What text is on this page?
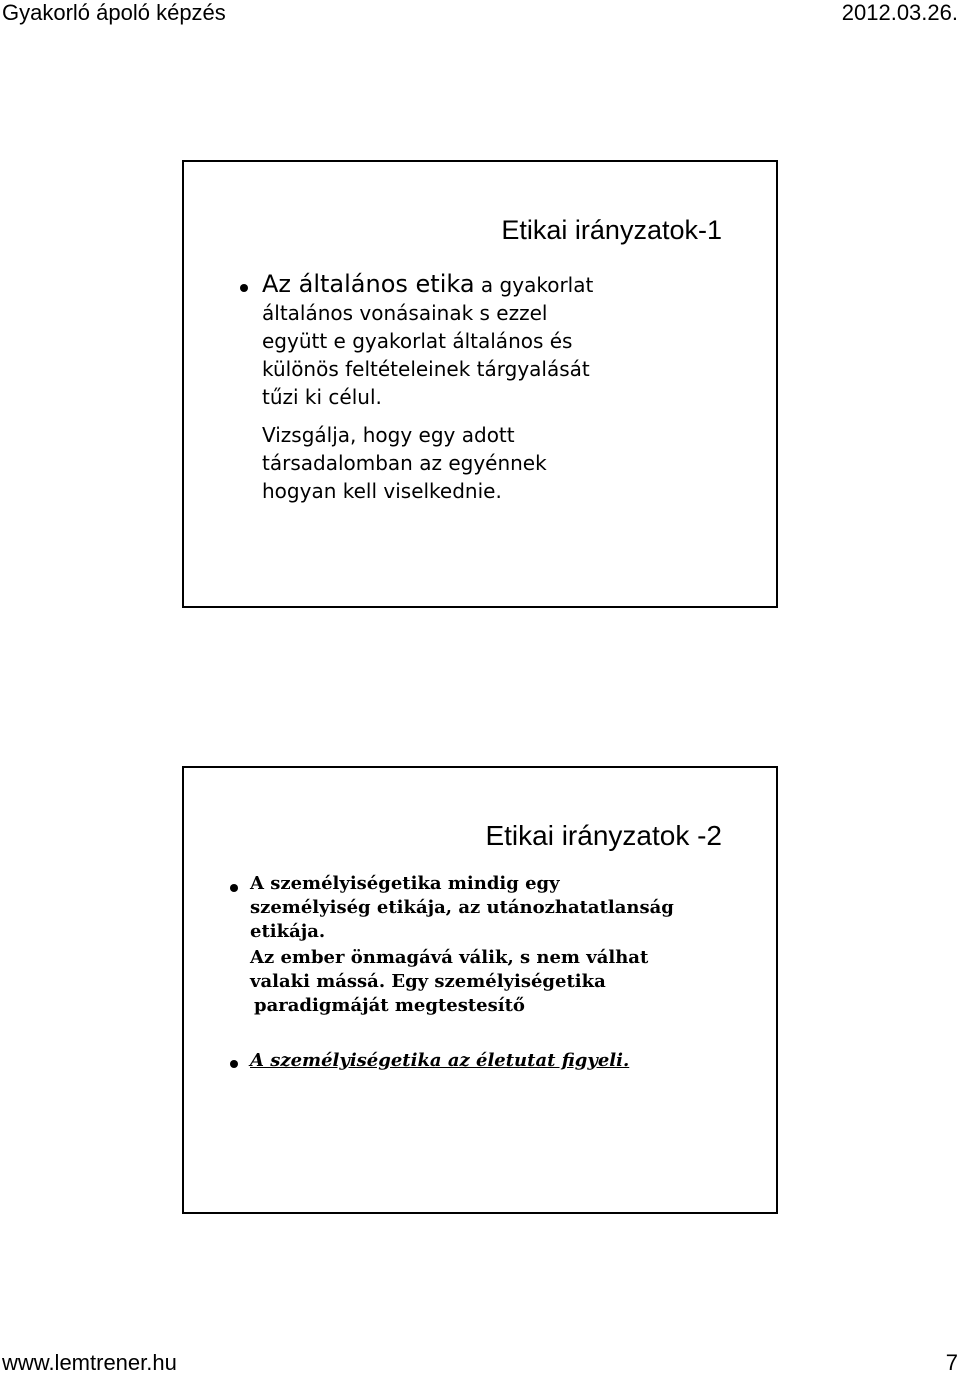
Gyakorló ápoló képzés	2012.03.26.
Etikai irányzatok-1
Az általános etika a gyakorlat
általános vonásainak s ezzel
együtt e gyakorlat általános és
különös feltételeinek tárgyalását
tűzi ki célul.
Vizsgálja, hogy egy adott
társadalomban az egyénnek
hogyan kell viselkednie.
Etikai irányzatok -2
A személyiségetika mindig egy
személyiség etikája, az utánozhatatlanság
etikája.
Az ember önmagává válik, s nem válhat
valaki mássá. Egy személyiségetika
paradigmáját megtestesítő
A személyiségetika az életutat figyeli.
www.lemtrener.hu	7
